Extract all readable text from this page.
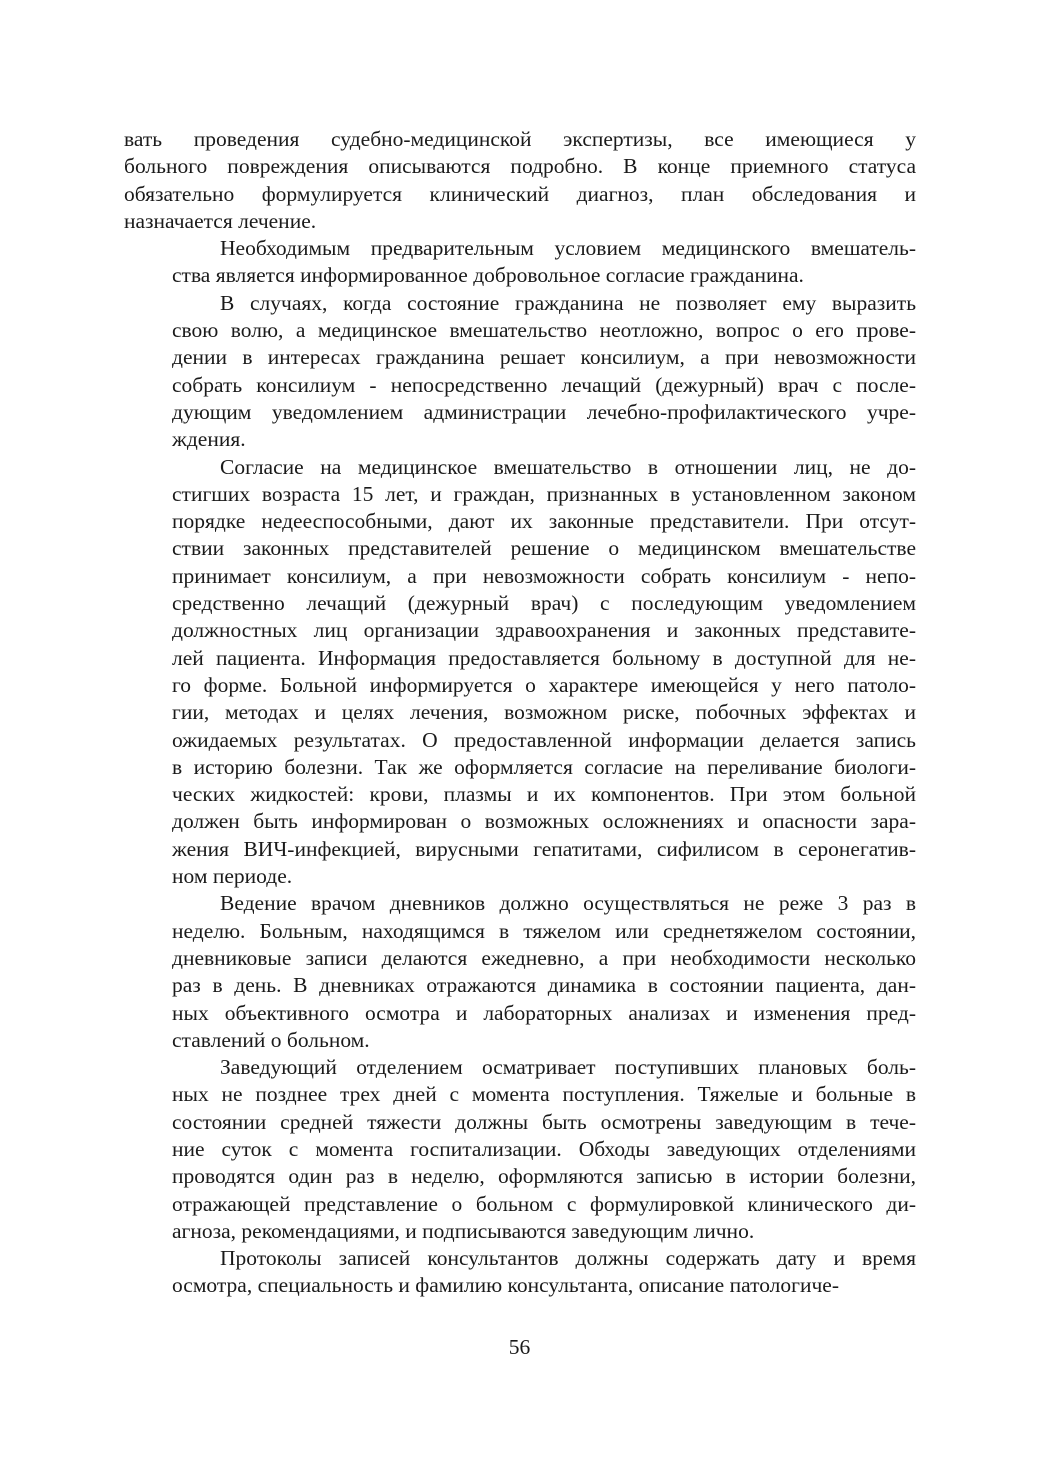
вать проведения судебно-медицинской экспертизы, все имеющиеся у
больного повреждения описываются подробно. В конце приемного статуса
обязательно формулируется клинический диагноз, план обследования и
назначается лечение.

Необходимым предварительным условием медицинского вмешатель-
ства является информированное добровольное согласие гражданина.

В случаях, когда состояние гражданина не позволяет ему выразить
свою волю, а медицинское вмешательство неотложно, вопрос о его прове-
дении в интересах гражданина решает консилиум, а при невозможности
собрать консилиум - непосредственно лечащий (дежурный) врач с после-
дующим уведомлением администрации лечебно-профилактического учре-
ждения.

Согласие на медицинское вмешательство в отношении лиц, не до-
стигших возраста 15 лет, и граждан, признанных в установленном законом
порядке недееспособными, дают их законные представители. При отсут-
ствии законных представителей решение о медицинском вмешательстве
принимает консилиум, а при невозможности собрать консилиум - непо-
средственно лечащий (дежурный врач) с последующим уведомлением
должностных лиц организации здравоохранения и законных представите-
лей пациента. Информация предоставляется больному в доступной для не-
го форме. Больной информируется о характере имеющейся у него патоло-
гии, методах и целях лечения, возможном риске, побочных эффектах и
ожидаемых результатах. О предоставленной информации делается запись
в историю болезни. Так же оформляется согласие на переливание биологи-
ческих жидкостей: крови, плазмы и их компонентов. При этом больной
должен быть информирован о возможных осложнениях и опасности зара-
жения ВИЧ-инфекцией, вирусными гепатитами, сифилисом в серонегатив-
ном периоде.

Ведение врачом дневников должно осуществляться не реже 3 раз в
неделю. Больным, находящимся в тяжелом или среднетяжелом состоянии,
дневниковые записи делаются ежедневно, а при необходимости несколько
раз в день. В дневниках отражаются динамика в состоянии пациента, дан-
ных объективного осмотра и лабораторных анализах и изменения пред-
ставлений о больном.

Заведующий отделением осматривает поступивших плановых боль-
ных не позднее трех дней с момента поступления. Тяжелые и больные в
состоянии средней тяжести должны быть осмотрены заведующим в тече-
ние суток с момента госпитализации. Обходы заведующих отделениями
проводятся один раз в неделю, оформляются записью в истории болезни,
отражающей представление о больном с формулировкой клинического ди-
агноза, рекомендациями, и подписываются заведующим лично.

Протоколы записей консультантов должны содержать дату и время
осмотра, специальность и фамилию консультанта, описание патологиче-

56
